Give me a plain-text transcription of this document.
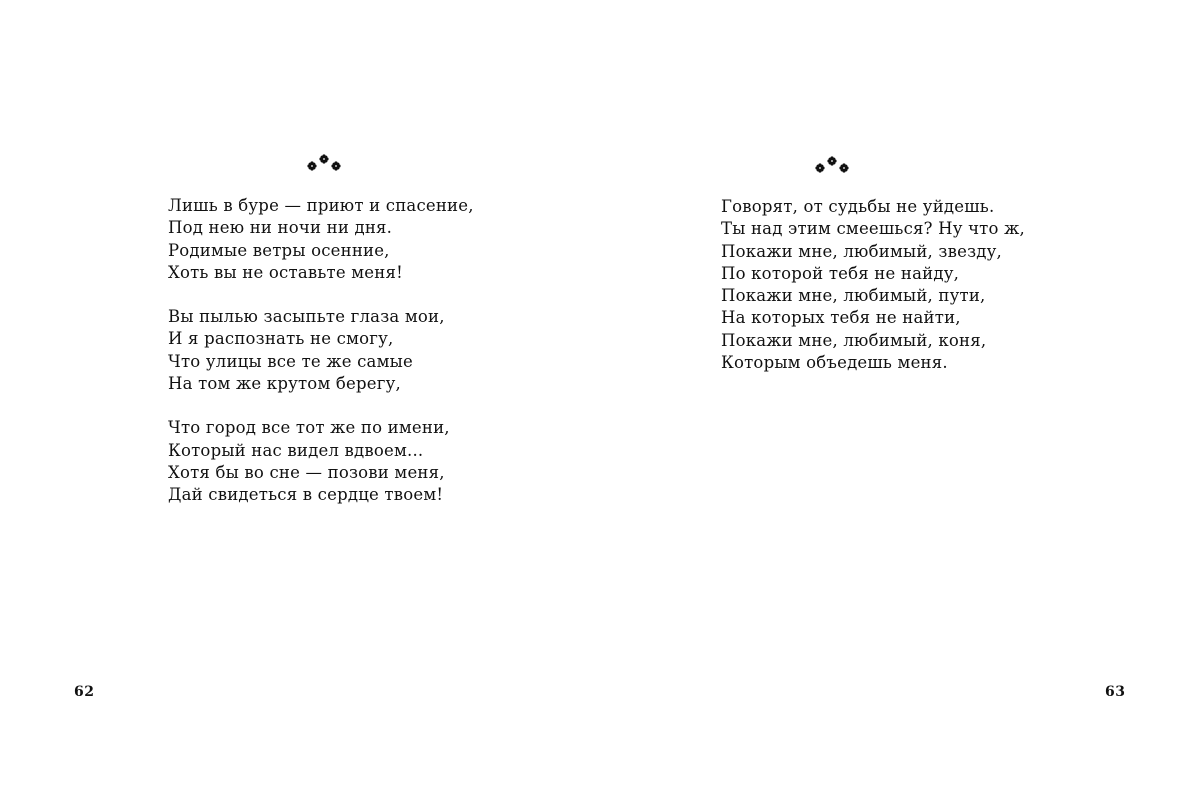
Лишь в буре — приют и спасение,
Под нею ни ночи ни дня.
Родимые ветры осенние,
Хоть вы не оставьте меня!
Вы пылью засыпьте глаза мои,
И я распознать не смогу,
Что улицы все те же самые
На том же крутом берегу,
Что город все тот же по имени,
Который нас видел вдвоем...
Хотя бы во сне — позови меня,
Дай свидеться в сердце твоем!
62
Говорят, от судьбы не уйдешь.
Ты над этим смеешься? Ну что ж,
Покажи мне, любимый, звезду,
По которой тебя не найду,
Покажи мне, любимый, пути,
На которых тебя не найти,
Покажи мне, любимый, коня,
Которым объедешь меня.
63
